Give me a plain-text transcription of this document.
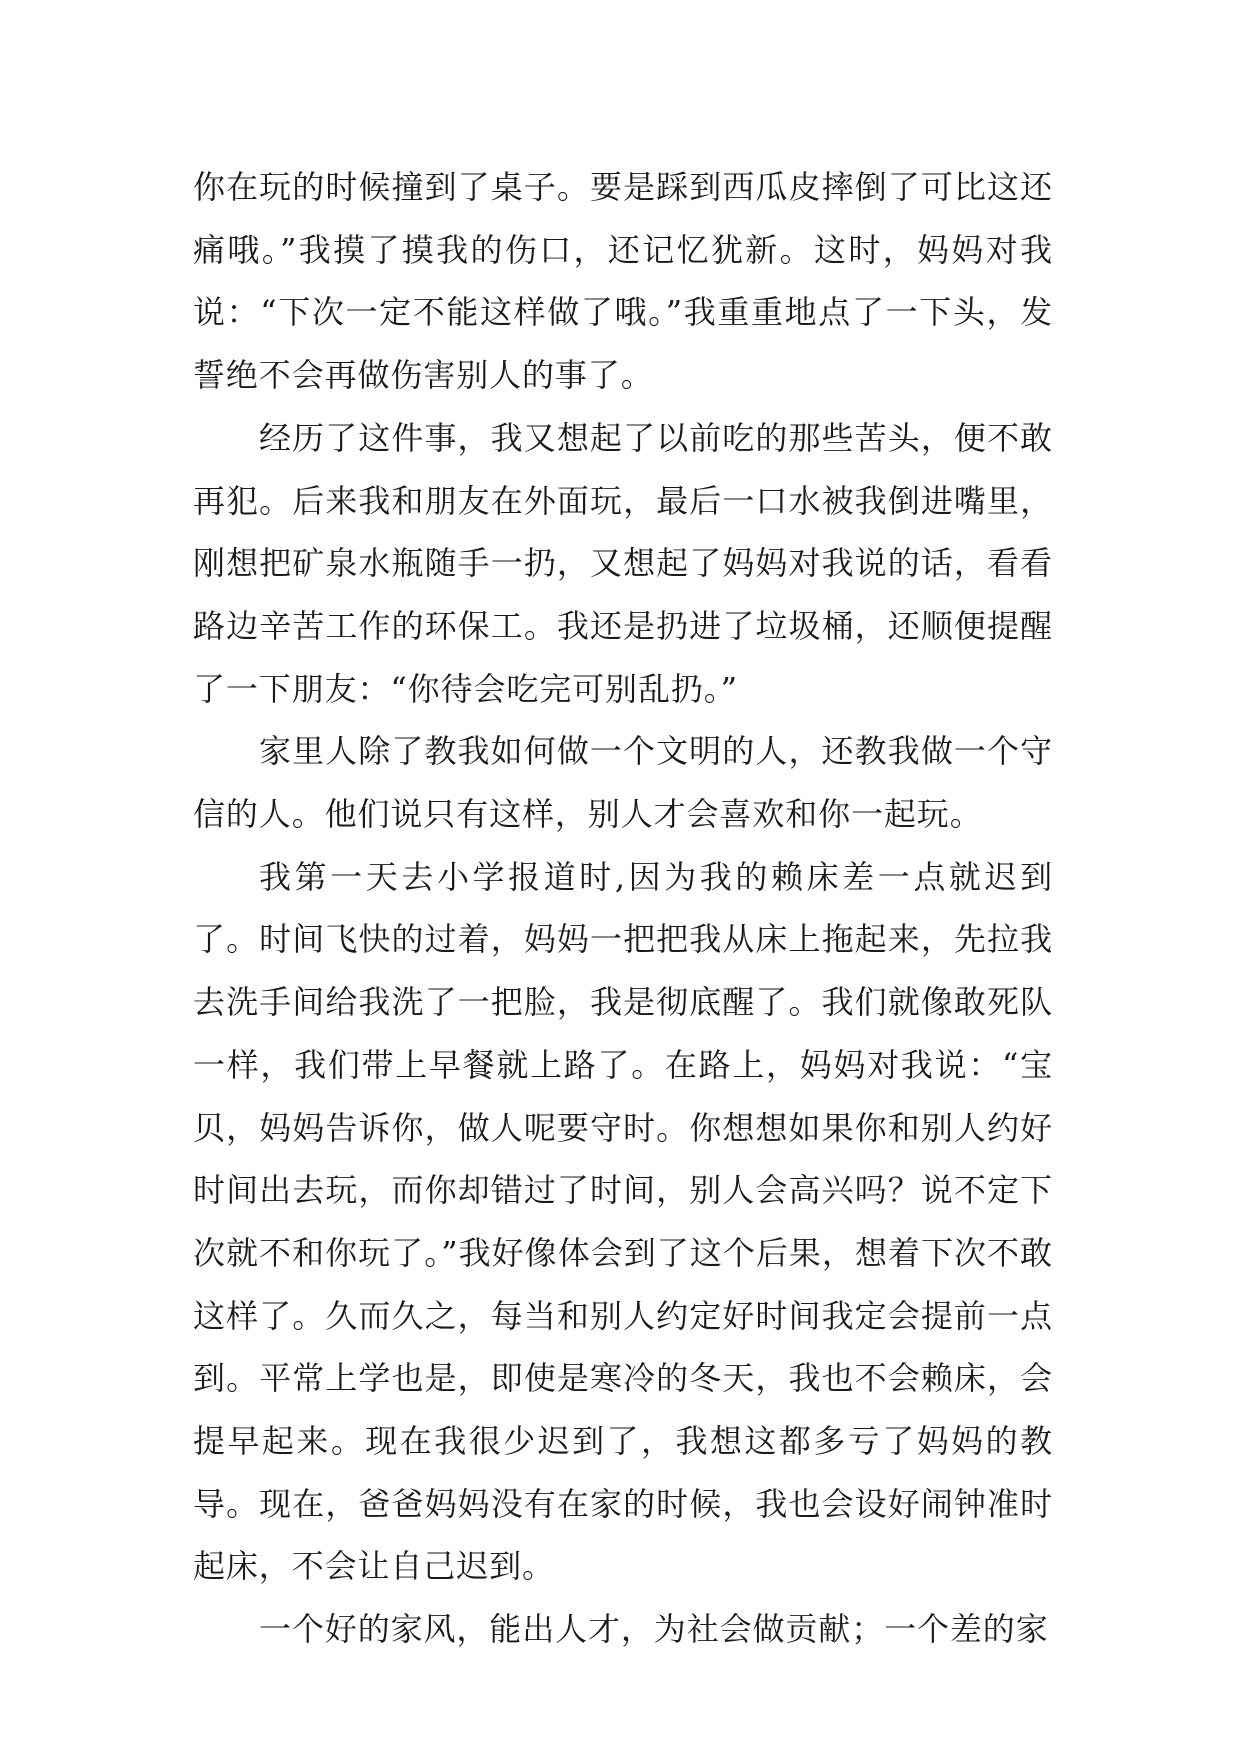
你在玩的时候撞到了桌子。要是踩到西瓜皮摔倒了可比这还痛哦。”我摸了摸我的伤口，还记忆犹新。这时，妈妈对我说：“下次一定不能这样做了哦。”我重重地点了一下头，发誓绝不会再做伤害别人的事了。

经历了这件事，我又想起了以前吃的那些苦头，便不敢再犯。后来我和朋友在外面玩，最后一口水被我倒进嘴里，刚想把矿泉水瓶随手一扔，又想起了妈妈对我说的话，看看路边辛苦工作的环保工。我还是扔进了垃圾桶，还顺便提醒了一下朋友：“你待会吃完可别乱扔。”

家里人除了教我如何做一个文明的人，还教我做一个守信的人。他们说只有这样，别人才会喜欢和你一起玩。

我第一天去小学报道时,因为我的赖床差一点就迟到了。时间飞快的过着，妈妈一把把我从床上拖起来，先拉我去洗手间给我洗了一把脸，我是彻底醒了。我们就像敢死队一样，我们带上早餐就上路了。在路上，妈妈对我说：“宝贝，妈妈告诉你，做人呢要守时。你想想如果你和别人约好时间出去玩，而你却错过了时间，别人会高兴吗？说不定下次就不和你玩了。”我好像体会到了这个后果，想着下次不敢这样了。久而久之，每当和别人约定好时间我定会提前一点到。平常上学也是，即使是寒冷的冬天，我也不会赖床，会提早起来。现在我很少迟到了，我想这都多亏了妈妈的教导。现在，爸爸妈妈没有在家的时候，我也会设好闹钟准时起床，不会让自己迟到。

一个好的家风，能出人才，为社会做贡献；一个差的家
